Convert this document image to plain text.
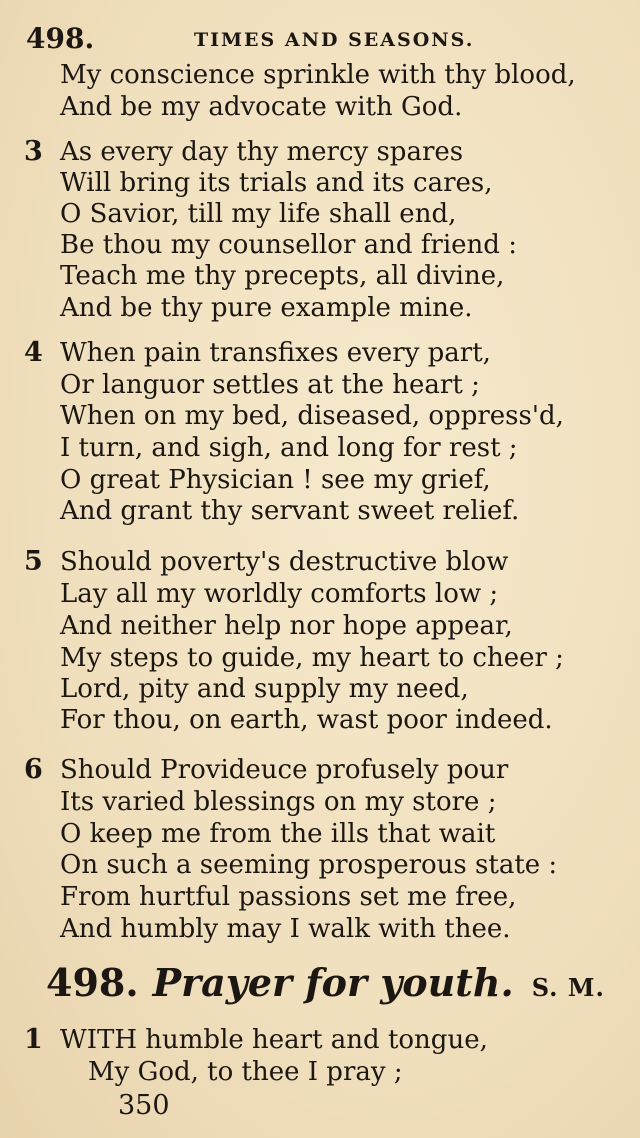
498.	TIMES AND SEASONS.
My conscience sprinkle with thy blood,
And be my advocate with God.
3 As every day thy mercy spares
Will bring its trials and its cares,
O Savior, till my life shall end,
Be thou my counsellor and friend :
Teach me thy precepts, all divine,
And be thy pure example mine.
4 When pain transfixes every part,
Or languor settles at the heart ;
When on my bed, diseased, oppress'd,
I turn, and sigh, and long for rest ;
O great Physician ! see my grief,
And grant thy servant sweet relief.
5 Should poverty's destructive blow
Lay all my worldly comforts low ;
And neither help nor hope appear,
My steps to guide, my heart to cheer ;
Lord, pity and supply my need,
For thou, on earth, wast poor indeed.
6 Should Provideuce profusely pour
Its varied blessings on my store ;
O keep me from the ills that wait
On such a seeming prosperous state :
From hurtful passions set me free,
And humbly may I walk with thee.
498. Prayer for youth. S. M.
1 WITH humble heart and tongue,
My God, to thee I pray ;
350
